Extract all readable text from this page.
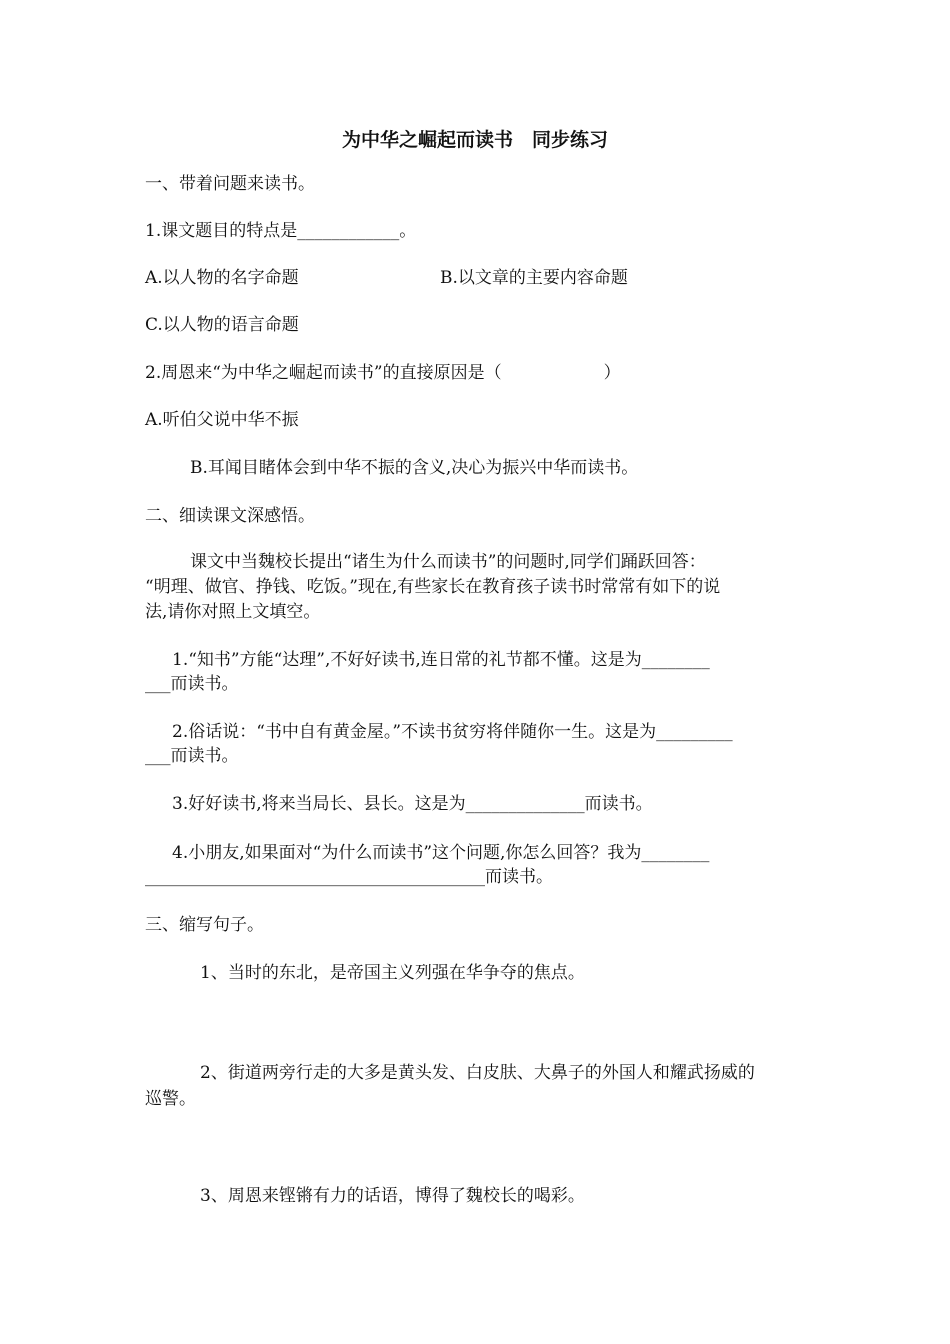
为中华之崛起而读书　同步练习
一、带着问题来读书。
1.课文题目的特点是____________。
A.以人物的名字命题	B.以文章的主要内容命题
C.以人物的语言命题
2.周恩来“为中华之崛起而读书”的直接原因是（　　　　　　）
A.听伯父说中华不振
B.耳闻目睹体会到中华不振的含义,决心为振兴中华而读书。
二、细读课文深感悟。
课文中当魏校长提出“诸生为什么而读书”的问题时,同学们踊跃回答：
“明理、做官、挣钱、吃饭。”现在,有些家长在教育孩子读书时常常有如下的说
法,请你对照上文填空。
1.“知书”方能“达理”,不好好读书,连日常的礼节都不懂。这是为________
___而读书。
2.俗话说：“书中自有黄金屋。”不读书贫穷将伴随你一生。这是为_________
___而读书。
3.好好读书,将来当局长、县长。这是为______________而读书。
4.小朋友,如果面对“为什么而读书”这个问题,你怎么回答？我为________
________________________________________而读书。
三、缩写句子。
1、当时的东北，是帝国主义列强在华争夺的焦点。
2、街道两旁行走的大多是黄头发、白皮肤、大鼻子的外国人和耀武扬威的
巡警。
3、周恩来铿锵有力的话语，博得了魏校长的喝彩。
